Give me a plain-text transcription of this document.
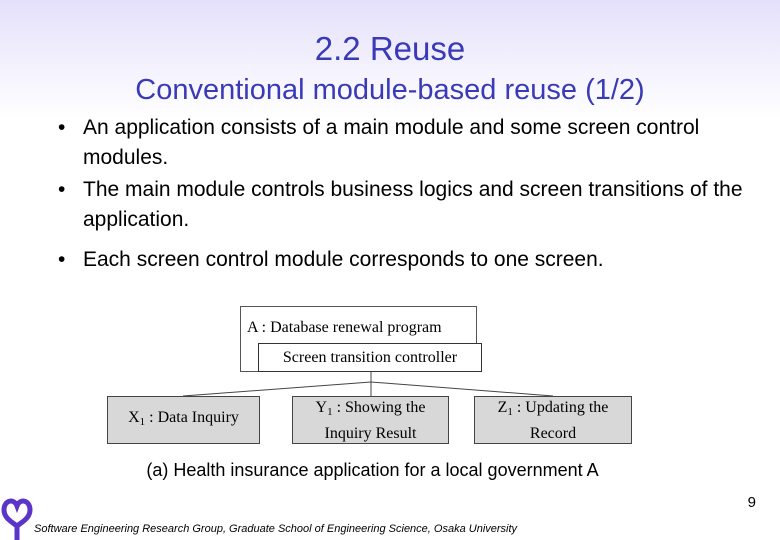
2.2 Reuse
Conventional module-based reuse (1/2)
• An application consists of a main module and some screen control modules.
• The main module controls business logics and screen transitions of the application.
• Each screen control module corresponds to one screen.
A : Database renewal program
Screen transition controller
$X_1$ : Data Inquiry
$Y_1$ : Showing the
Inquiry Result
$Z_1$ : Updating the
Record
(a) Health insurance application for a local government A
9
Software Engineering Research Group, Graduate School of Engineering Science, Osaka University
